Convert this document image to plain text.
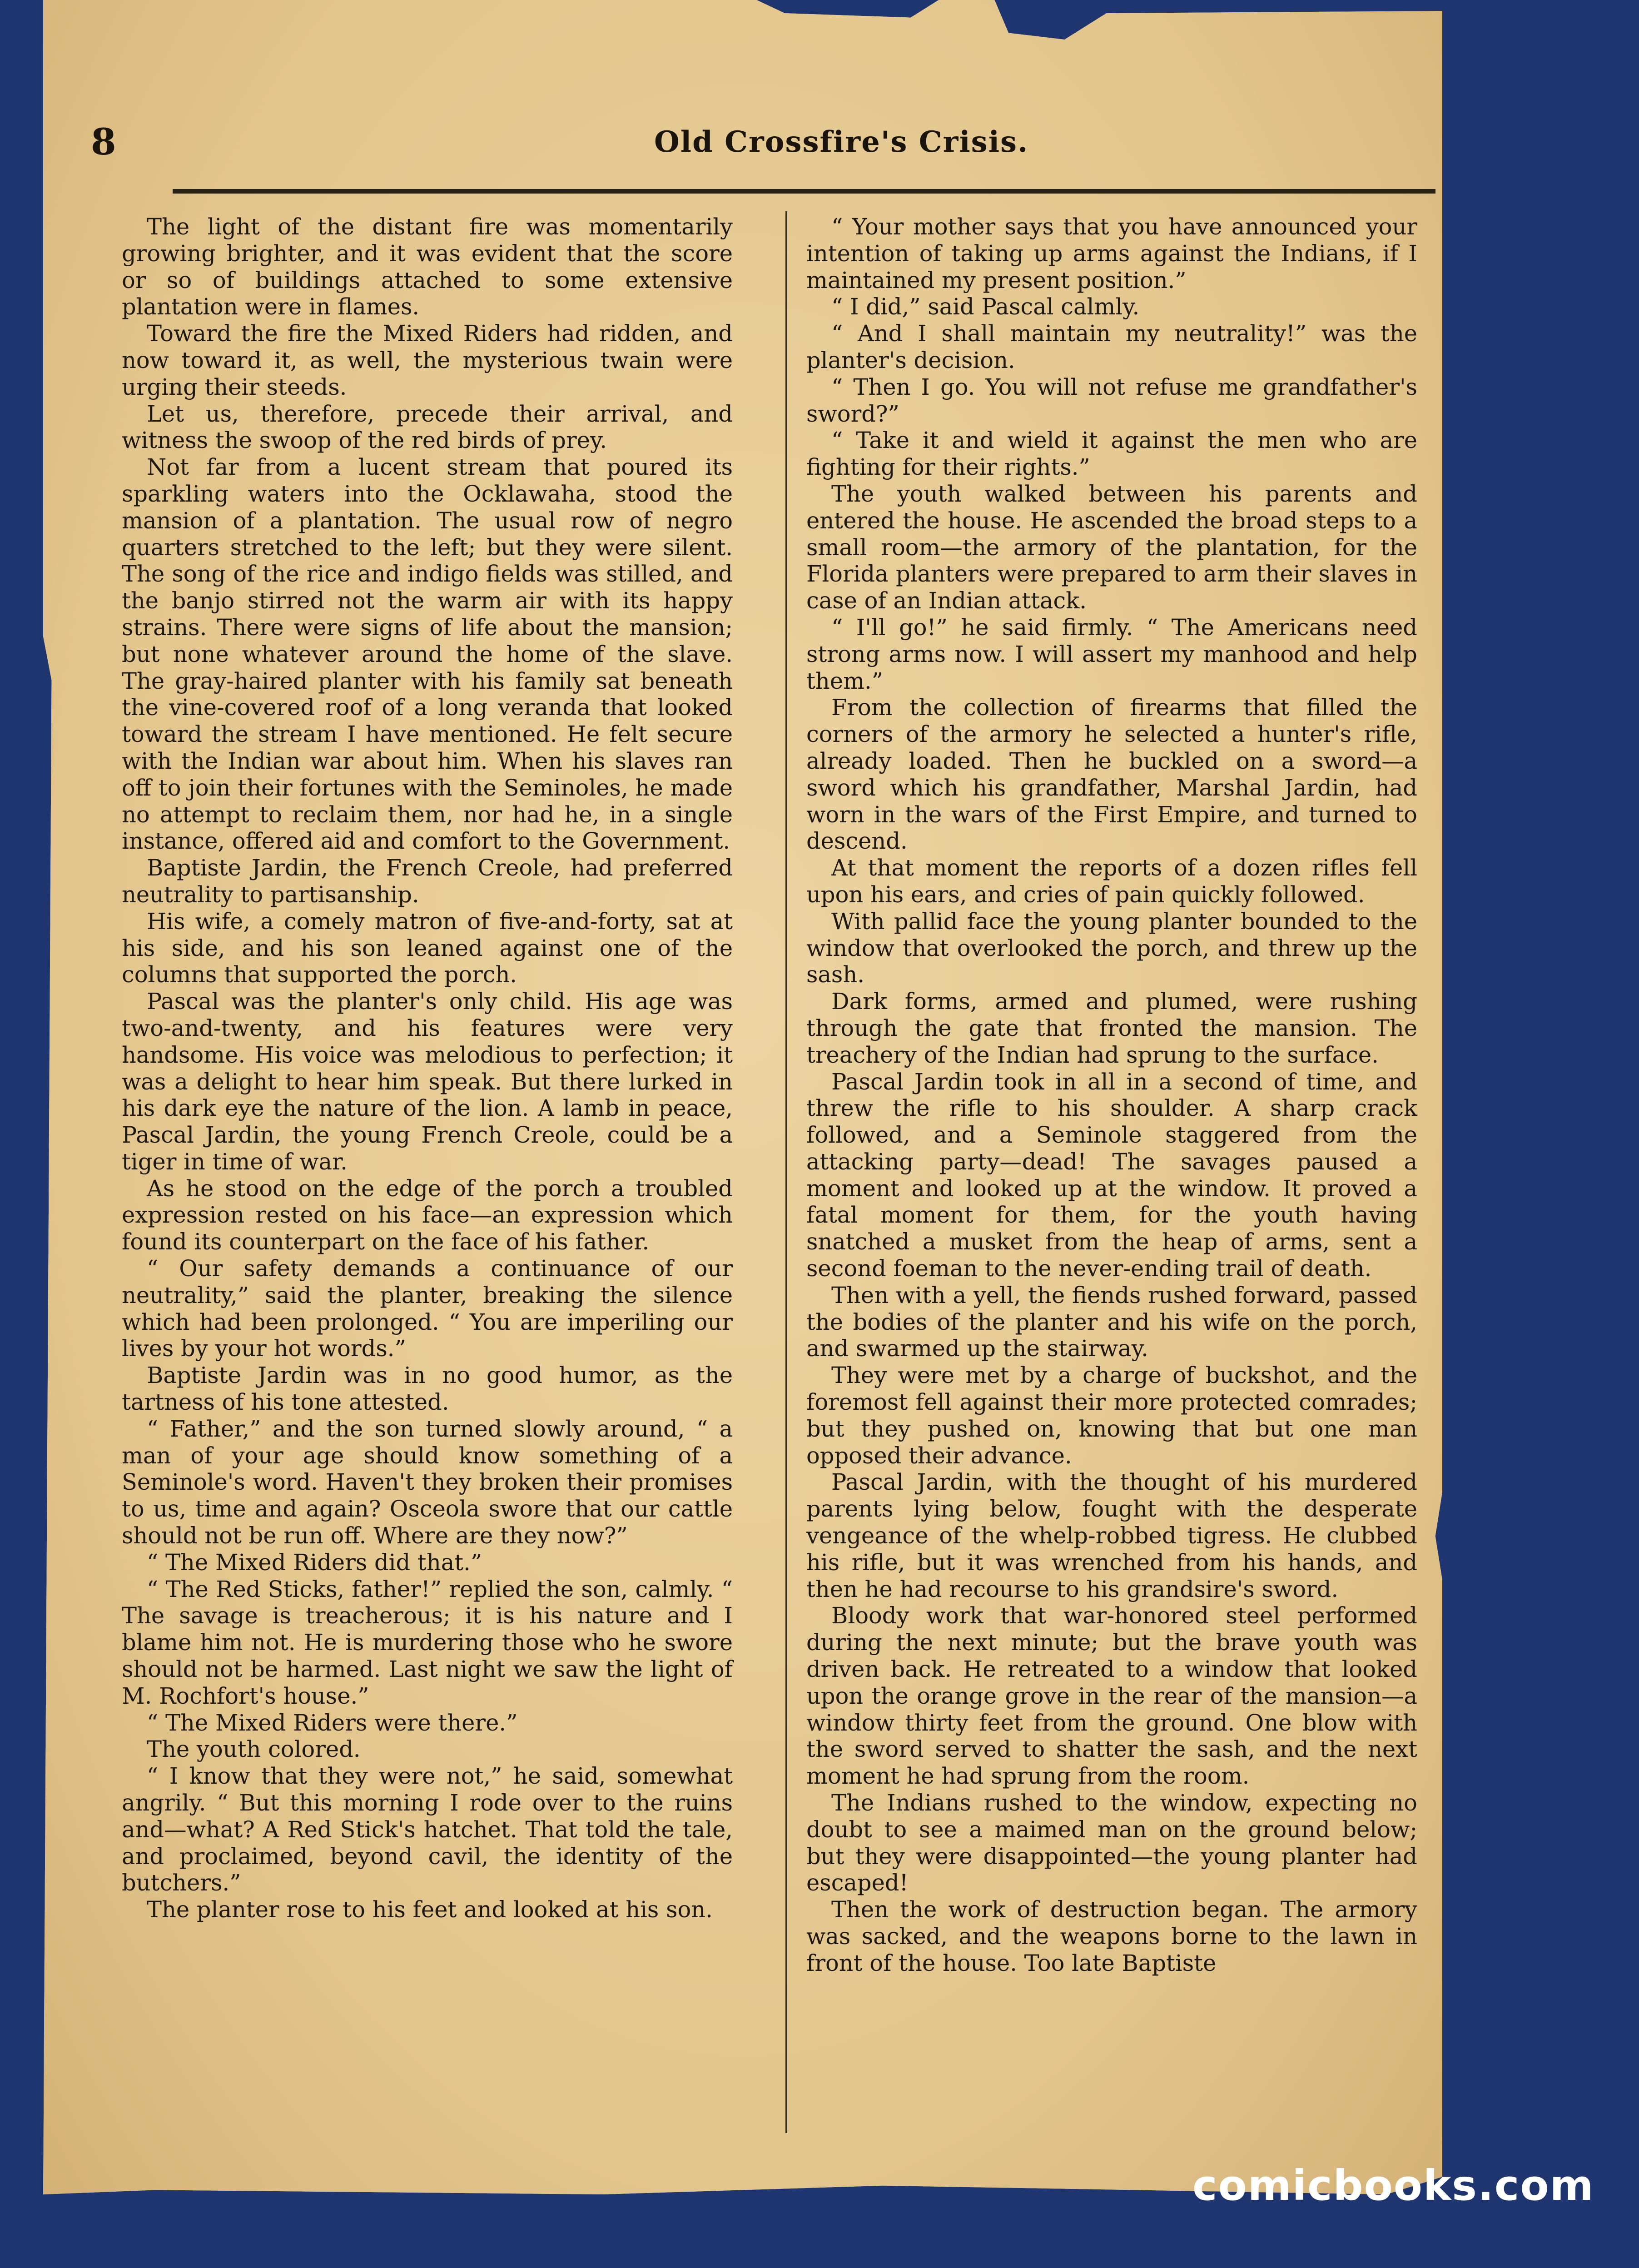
8	Old Crossfire's Crisis.

The light of the distant fire was momentarily growing brighter, and it was evident that the score or so of buildings attached to some extensive plantation were in flames.

Toward the fire the Mixed Riders had ridden, and now toward it, as well, the mysterious twain were urging their steeds.

Let us, therefore, precede their arrival, and witness the swoop of the red birds of prey.

Not far from a lucent stream that poured its sparkling waters into the Ocklawaha, stood the mansion of a plantation. The usual row of negro quarters stretched to the left; but they were silent. The song of the rice and indigo fields was stilled, and the banjo stirred not the warm air with its happy strains. There were signs of life about the mansion; but none whatever around the home of the slave. The gray-haired planter with his family sat beneath the vine-covered roof of a long veranda that looked toward the stream I have mentioned. He felt secure with the Indian war about him. When his slaves ran off to join their fortunes with the Seminoles, he made no attempt to reclaim them, nor had he, in a single instance, offered aid and comfort to the Government.

Baptiste Jardin, the French Creole, had preferred neutrality to partisanship.

His wife, a comely matron of five-and-forty, sat at his side, and his son leaned against one of the columns that supported the porch.

Pascal was the planter's only child. His age was two-and-twenty, and his features were very handsome. His voice was melodious to perfection; it was a delight to hear him speak. But there lurked in his dark eye the nature of the lion. A lamb in peace, Pascal Jardin, the young French Creole, could be a tiger in time of war.

As he stood on the edge of the porch a troubled expression rested on his face—an expression which found its counterpart on the face of his father.

“ Our safety demands a continuance of our neutrality,” said the planter, breaking the silence which had been prolonged. “ You are imperiling our lives by your hot words.”

Baptiste Jardin was in no good humor, as the tartness of his tone attested.

“ Father,” and the son turned slowly around, “ a man of your age should know something of a Seminole's word. Haven't they broken their promises to us, time and again? Osceola swore that our cattle should not be run off. Where are they now?”

“ The Mixed Riders did that.”

“ The Red Sticks, father!” replied the son, calmly. “ The savage is treacherous; it is his nature and I blame him not. He is murdering those who he swore should not be harmed. Last night we saw the light of M. Rochfort's house.”

“ The Mixed Riders were there.”

The youth colored.

“ I know that they were not,” he said, somewhat angrily. “ But this morning I rode over to the ruins and—what? A Red Stick's hatchet. That told the tale, and proclaimed, beyond cavil, the identity of the butchers.”

The planter rose to his feet and looked at his son.

“ Your mother says that you have announced your intention of taking up arms against the Indians, if I maintained my present position.”

“ I did,” said Pascal calmly.

“ And I shall maintain my neutrality!” was the planter's decision.

“ Then I go. You will not refuse me grandfather's sword?”

“ Take it and wield it against the men who are fighting for their rights.”

The youth walked between his parents and entered the house. He ascended the broad steps to a small room—the armory of the plantation, for the Florida planters were prepared to arm their slaves in case of an Indian attack.

“ I'll go!” he said firmly. “ The Americans need strong arms now. I will assert my manhood and help them.”

From the collection of firearms that filled the corners of the armory he selected a hunter's rifle, already loaded. Then he buckled on a sword—a sword which his grandfather, Marshal Jardin, had worn in the wars of the First Empire, and turned to descend.

At that moment the reports of a dozen rifles fell upon his ears, and cries of pain quickly followed.

With pallid face the young planter bounded to the window that overlooked the porch, and threw up the sash.

Dark forms, armed and plumed, were rushing through the gate that fronted the mansion. The treachery of the Indian had sprung to the surface.

Pascal Jardin took in all in a second of time, and threw the rifle to his shoulder. A sharp crack followed, and a Seminole staggered from the attacking party—dead! The savages paused a moment and looked up at the window. It proved a fatal moment for them, for the youth having snatched a musket from the heap of arms, sent a second foeman to the never-ending trail of death.

Then with a yell, the fiends rushed forward, passed the bodies of the planter and his wife on the porch, and swarmed up the stairway.

They were met by a charge of buckshot, and the foremost fell against their more protected comrades; but they pushed on, knowing that but one man opposed their advance.

Pascal Jardin, with the thought of his murdered parents lying below, fought with the desperate vengeance of the whelp-robbed tigress. He clubbed his rifle, but it was wrenched from his hands, and then he had recourse to his grandsire's sword.

Bloody work that war-honored steel performed during the next minute; but the brave youth was driven back. He retreated to a window that looked upon the orange grove in the rear of the mansion—a window thirty feet from the ground. One blow with the sword served to shatter the sash, and the next moment he had sprung from the room.

The Indians rushed to the window, expecting no doubt to see a maimed man on the ground below; but they were disappointed—the young planter had escaped!

Then the work of destruction began. The armory was sacked, and the weapons borne to the lawn in front of the house. Too late Baptiste

comicbooks.com
